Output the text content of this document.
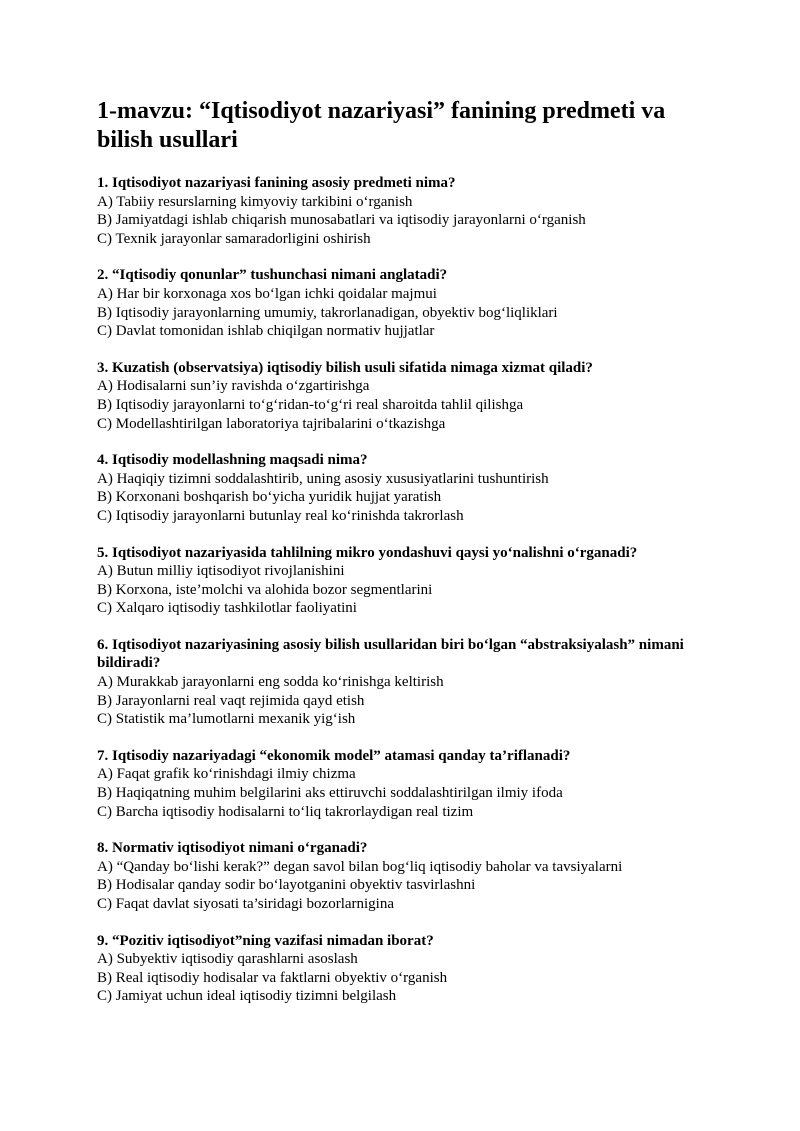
1-mavzu: “Iqtisodiyot nazariyasi” fanining predmeti va bilish usullari

1. Iqtisodiyot nazariyasi fanining asosiy predmeti nima?

A) Tabiiy resurslarning kimyoviy tarkibini oʻrganish

B) Jamiyatdagi ishlab chiqarish munosabatlari va iqtisodiy jarayonlarni oʻrganish

C) Texnik jarayonlar samaradorligini oshirish

2. “Iqtisodiy qonunlar” tushunchasi nimani anglatadi?

A) Har bir korxonaga xos boʻlgan ichki qoidalar majmui

B) Iqtisodiy jarayonlarning umumiy, takrorlanadigan, obyektiv bogʻliqliklari

C) Davlat tomonidan ishlab chiqilgan normativ hujjatlar

3. Kuzatish (observatsiya) iqtisodiy bilish usuli sifatida nimaga xizmat qiladi?

A) Hodisalarni sun’iy ravishda oʻzgartirishga

B) Iqtisodiy jarayonlarni toʻgʻridan-toʻgʻri real sharoitda tahlil qilishga

C) Modellashtirilgan laboratoriya tajribalarini oʻtkazishga

4. Iqtisodiy modellashning maqsadi nima?

A) Haqiqiy tizimni soddalashtirib, uning asosiy xususiyatlarini tushuntirish

B) Korxonani boshqarish boʻyicha yuridik hujjat yaratish

C) Iqtisodiy jarayonlarni butunlay real koʻrinishda takrorlash

5. Iqtisodiyot nazariyasida tahlilning mikro yondashuvi qaysi yoʻnalishni oʻrganadi?

A) Butun milliy iqtisodiyot rivojlanishini

B) Korxona, iste’molchi va alohida bozor segmentlarini

C) Xalqaro iqtisodiy tashkilotlar faoliyatini

6. Iqtisodiyot nazariyasining asosiy bilish usullaridan biri boʻlgan “abstraksiyalash” nimani bildiradi?

A) Murakkab jarayonlarni eng sodda koʻrinishga keltirish

B) Jarayonlarni real vaqt rejimida qayd etish

C) Statistik ma’lumotlarni mexanik yigʻish

7. Iqtisodiy nazariyadagi “ekonomik model” atamasi qanday ta’riflanadi?

A) Faqat grafik koʻrinishdagi ilmiy chizma

B) Haqiqatning muhim belgilarini aks ettiruvchi soddalashtirilgan ilmiy ifoda

C) Barcha iqtisodiy hodisalarni toʻliq takrorlaydigan real tizim

8. Normativ iqtisodiyot nimani oʻrganadi?

A) “Qanday boʻlishi kerak?” degan savol bilan bogʻliq iqtisodiy baholar va tavsiyalarni

B) Hodisalar qanday sodir boʻlayotganini obyektiv tasvirlashni

C) Faqat davlat siyosati ta’siridagi bozorlarnigina

9. “Pozitiv iqtisodiyot”ning vazifasi nimadan iborat?

A) Subyektiv iqtisodiy qarashlarni asoslash

B) Real iqtisodiy hodisalar va faktlarni obyektiv oʻrganish

C) Jamiyat uchun ideal iqtisodiy tizimni belgilash
